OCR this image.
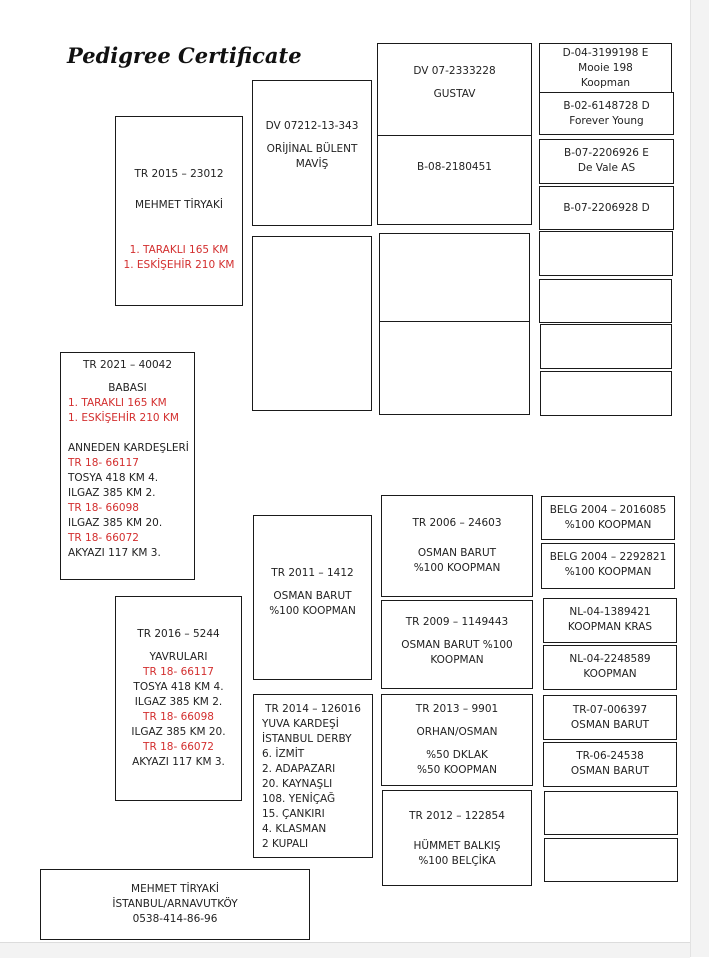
Pedigree Certificate
TR 2021 – 40042
BABASI
1. TARAKLI 165 KM
1. ESKİŞEHİR 210 KM
ANNEDEN KARDEŞLERİ
TR 18- 66117
TOSYA 418 KM 4.
ILGAZ 385 KM 2.
TR 18- 66098
ILGAZ 385 KM 20.
TR 18- 66072
AKYAZI 117 KM 3.
TR 2015 – 23012
MEHMET TİRYAKİ
1. TARAKLI 165 KM
1. ESKİŞEHİR 210 KM
DV 07212-13-343
ORİJİNAL BÜLENT
MAVİŞ
DV 07-2333228
GUSTAV
B-08-2180451
D-04-3199198 E
Mooie 198
Koopman
B-02-6148728 D
Forever Young
B-07-2206926 E
De Vale AS
B-07-2206928 D
TR 2016 – 5244
YAVRULARI
TR 18- 66117
TOSYA 418 KM 4.
ILGAZ 385 KM 2.
TR 18- 66098
ILGAZ 385 KM 20.
TR 18- 66072
AKYAZI 117 KM 3.
TR 2011 – 1412
OSMAN BARUT
%100 KOOPMAN
TR 2014 – 126016
YUVA KARDEŞİ
İSTANBUL DERBY
6. İZMİT
2. ADAPAZARI
20. KAYNAŞLI
108. YENİÇAĞ
15. ÇANKIRI
4. KLASMAN
2 KUPALI
TR 2006 – 24603
OSMAN BARUT
%100 KOOPMAN
TR 2009 – 1149443
OSMAN BARUT %100
KOOPMAN
TR 2013 – 9901
ORHAN/OSMAN
%50 DKLAK
%50 KOOPMAN
TR 2012 – 122854
HÜMMET BALKIŞ
%100 BELÇİKA
BELG 2004 – 2016085
%100 KOOPMAN
BELG 2004 – 2292821
%100 KOOPMAN
NL-04-1389421
KOOPMAN KRAS
NL-04-2248589
KOOPMAN
TR-07-006397
OSMAN BARUT
TR-06-24538
OSMAN BARUT
MEHMET TİRYAKİ
İSTANBUL/ARNAVUTKÖY
0538-414-86-96
